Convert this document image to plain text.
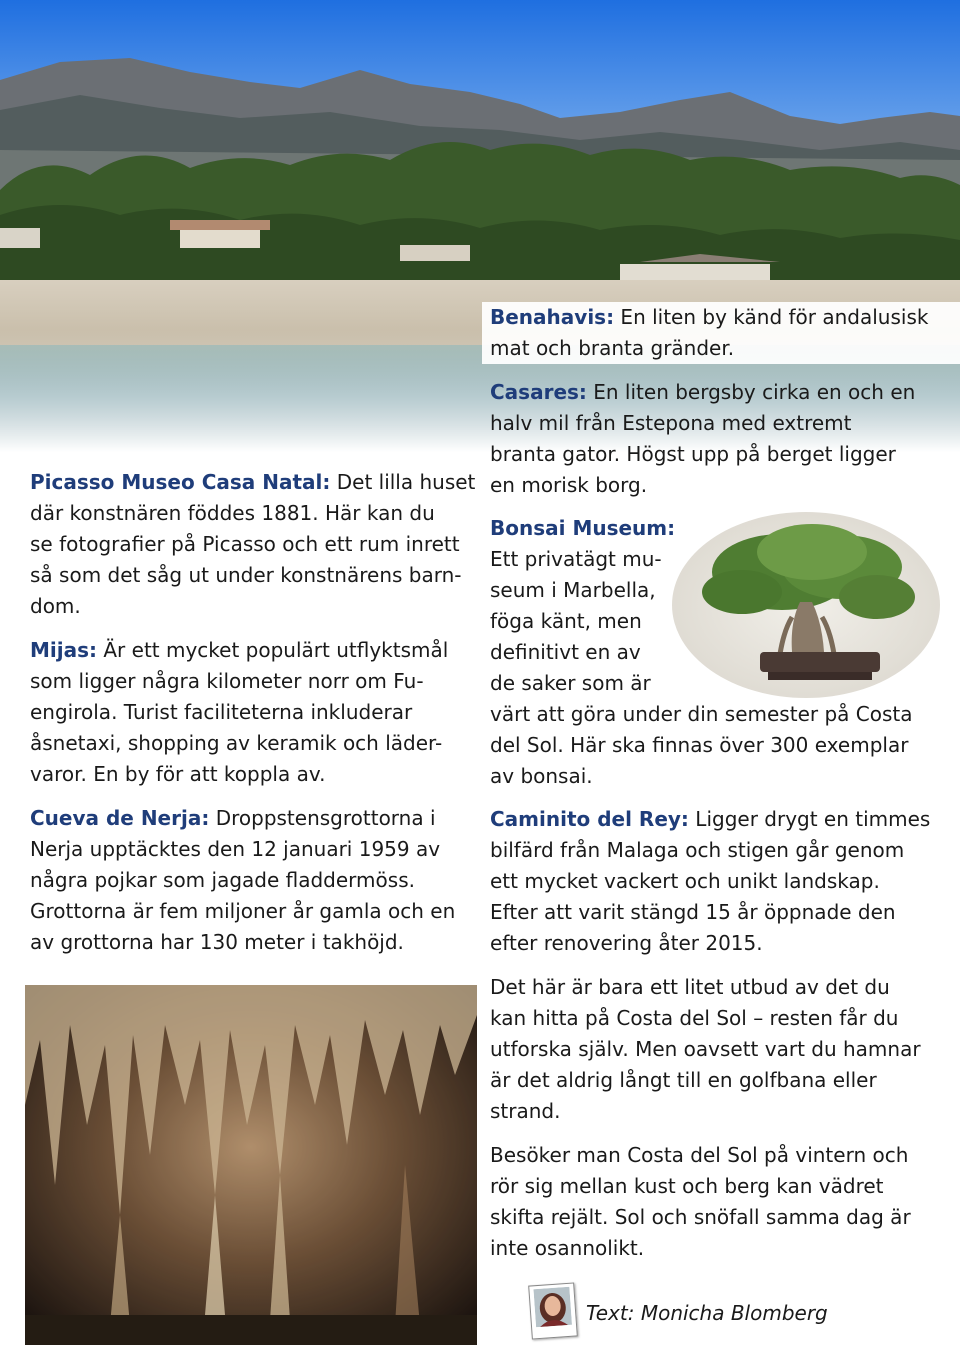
Picasso Museo Casa Natal: Det lilla huset
där konstnären föddes 1881. Här kan du
se fotografier på Picasso och ett rum inrett
så som det såg ut under konstnärens barn-
dom.

Mijas: Är ett mycket populärt utflyktsmål
som ligger några kilometer norr om Fu-
engirola. Turist faciliteterna inkluderar
åsnetaxi, shopping av keramik och läder-
varor. En by för att koppla av.

Cueva de Nerja: Droppstensgrottorna i
Nerja upptäcktes den 12 januari 1959 av
några pojkar som jagade fladdermöss.
Grottorna är fem miljoner år gamla och en
av grottorna har 130 meter i takhöjd.

Benahavis: En liten by känd för andalusisk
mat och branta gränder.

Casares: En liten bergsby cirka en och en
halv mil från Estepona med extremt
branta gator. Högst upp på berget ligger
en morisk borg.

Bonsai Museum:
Ett privatägt mu-
seum i Marbella,
föga känt, men
definitivt en av
de saker som är
värt att göra under din semester på Costa
del Sol. Här ska finnas över 300 exemplar
av bonsai.

Caminito del Rey: Ligger drygt en timmes
bilfärd från Malaga och stigen går genom
ett mycket vackert och unikt landskap.
Efter att varit stängd 15 år öppnade den
efter renovering åter 2015.

Det här är bara ett litet utbud av det du
kan hitta på Costa del Sol – resten får du
utforska själv. Men oavsett vart du hamnar
är det aldrig långt till en golfbana eller
strand.

Besöker man Costa del Sol på vintern och
rör sig mellan kust och berg kan vädret
skifta rejält. Sol och snöfall samma dag är
inte osannolikt.

Text: Monicha Blomberg
